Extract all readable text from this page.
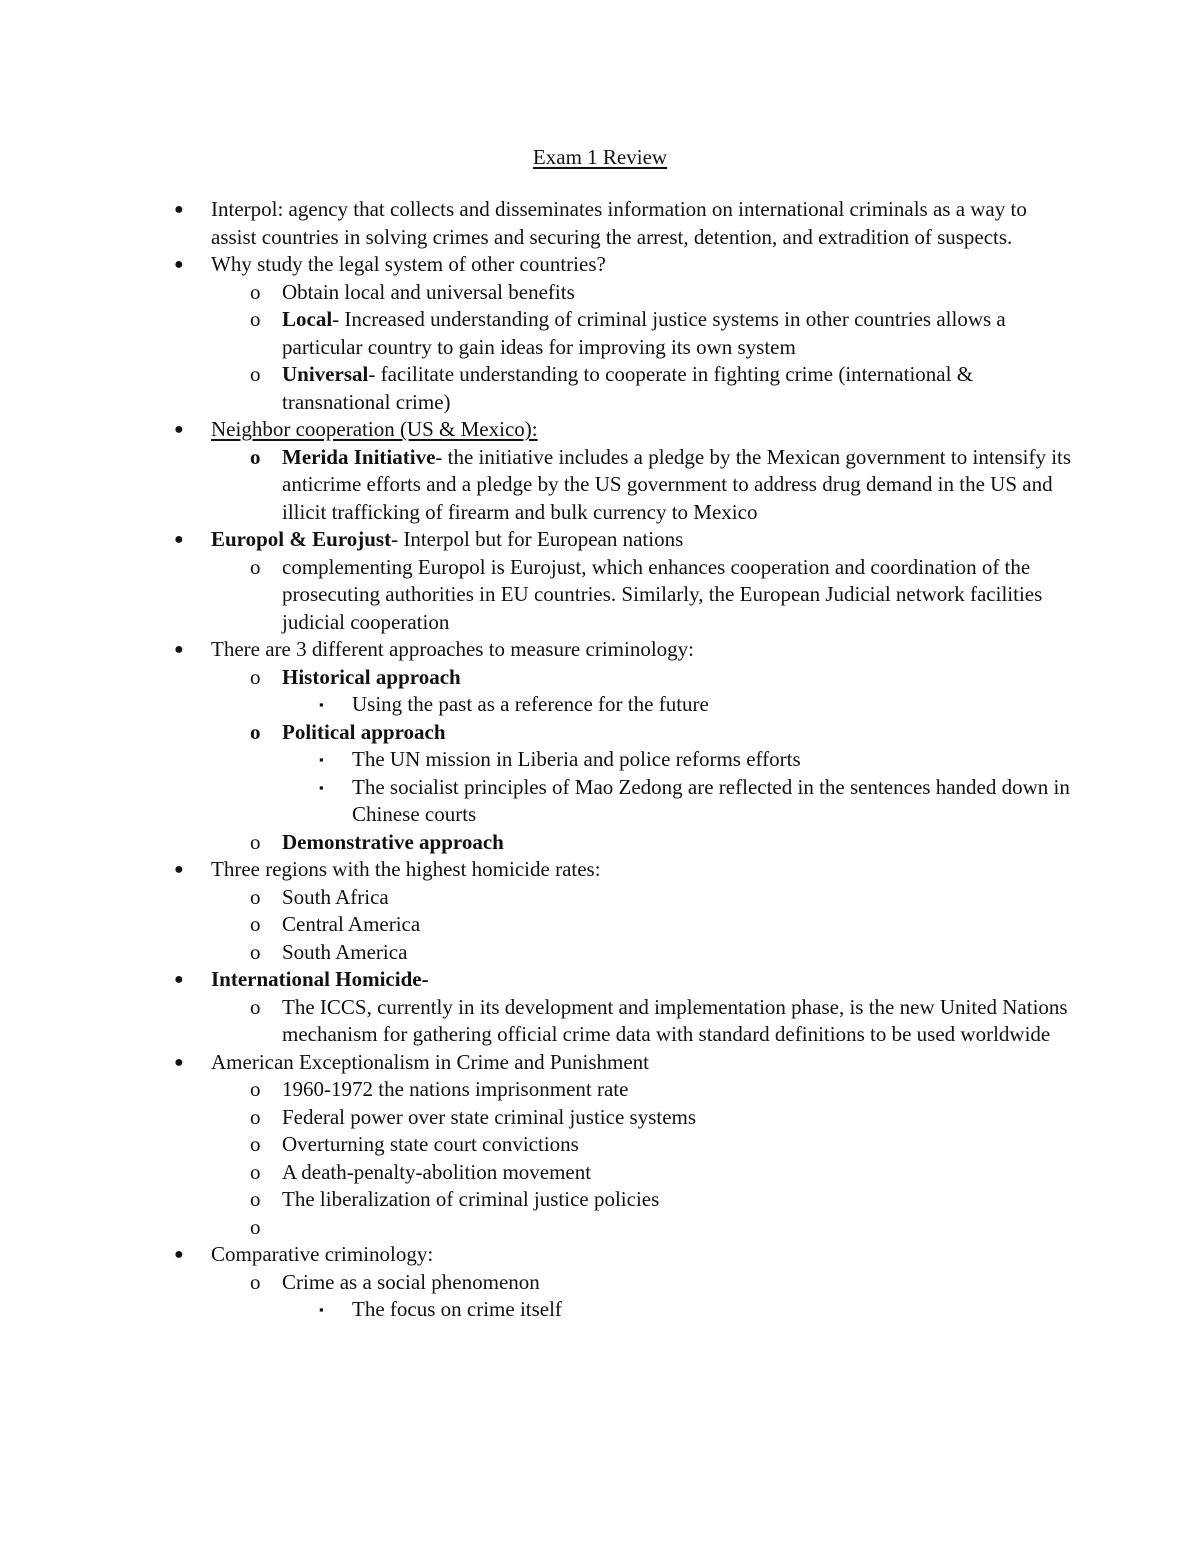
Exam 1 Review
● Interpol: agency that collects and disseminates information on international criminals as a way to assist countries in solving crimes and securing the arrest, detention, and extradition of suspects.
● Why study the legal system of other countries?
o Obtain local and universal benefits
o Local- Increased understanding of criminal justice systems in other countries allows a particular country to gain ideas for improving its own system
o Universal- facilitate understanding to cooperate in fighting crime (international & transnational crime)
● Neighbor cooperation (US & Mexico):
o Merida Initiative- the initiative includes a pledge by the Mexican government to intensify its anticrime efforts and a pledge by the US government to address drug demand in the US and illicit trafficking of firearm and bulk currency to Mexico
● Europol & Eurojust- Interpol but for European nations
o complementing Europol is Eurojust, which enhances cooperation and coordination of the prosecuting authorities in EU countries. Similarly, the European Judicial network facilities judicial cooperation
● There are 3 different approaches to measure criminology:
o Historical approach
▪ Using the past as a reference for the future
o Political approach
▪ The UN mission in Liberia and police reforms efforts
▪ The socialist principles of Mao Zedong are reflected in the sentences handed down in Chinese courts
o Demonstrative approach
● Three regions with the highest homicide rates:
o South Africa
o Central America
o South America
● International Homicide-
o The ICCS, currently in its development and implementation phase, is the new United Nations mechanism for gathering official crime data with standard definitions to be used worldwide
● American Exceptionalism in Crime and Punishment
o 1960-1972 the nations imprisonment rate
o Federal power over state criminal justice systems
o Overturning state court convictions
o A death-penalty-abolition movement
o The liberalization of criminal justice policies
o

● Comparative criminology:
o Crime as a social phenomenon
▪ The focus on crime itself
